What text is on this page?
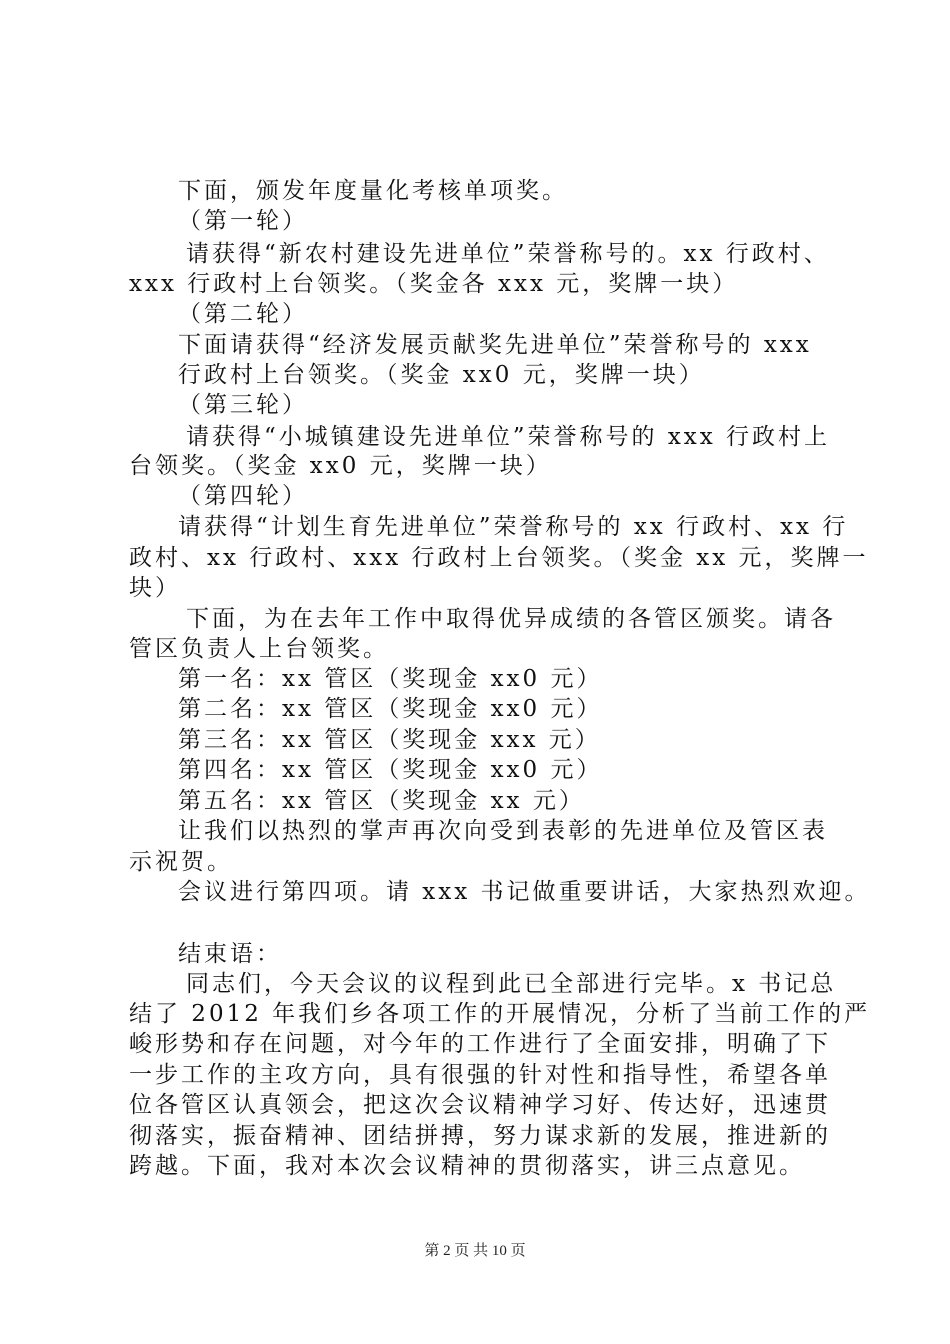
下面，颁发年度量化考核单项奖。
（第一轮）
请获得“新农村建设先进单位”荣誉称号的。xx 行政村、
xxx 行政村上台领奖。（奖金各 xxx 元，奖牌一块）
（第二轮）
下面请获得“经济发展贡献奖先进单位”荣誉称号的 xxx
行政村上台领奖。（奖金 xx0 元，奖牌一块）
（第三轮）
请获得“小城镇建设先进单位”荣誉称号的 xxx 行政村上
台领奖。（奖金 xx0 元，奖牌一块）
（第四轮）
请获得“计划生育先进单位”荣誉称号的 xx 行政村、xx 行
政村、xx 行政村、xxx 行政村上台领奖。（奖金 xx 元，奖牌一
块）
下面，为在去年工作中取得优异成绩的各管区颁奖。请各
管区负责人上台领奖。
第一名：xx 管区（奖现金 xx0 元）
第二名：xx 管区（奖现金 xx0 元）
第三名：xx 管区（奖现金 xxx 元）
第四名：xx 管区（奖现金 xx0 元）
第五名：xx 管区（奖现金 xx 元）
让我们以热烈的掌声再次向受到表彰的先进单位及管区表
示祝贺。
会议进行第四项。请 xxx 书记做重要讲话，大家热烈欢迎。
结束语：
同志们，今天会议的议程到此已全部进行完毕。x 书记总
结了 2012 年我们乡各项工作的开展情况，分析了当前工作的严
峻形势和存在问题，对今年的工作进行了全面安排，明确了下
一步工作的主攻方向，具有很强的针对性和指导性，希望各单
位各管区认真领会，把这次会议精神学习好、传达好，迅速贯
彻落实，振奋精神、团结拼搏，努力谋求新的发展，推进新的
跨越。下面，我对本次会议精神的贯彻落实，讲三点意见。
第 2 页 共 10 页
